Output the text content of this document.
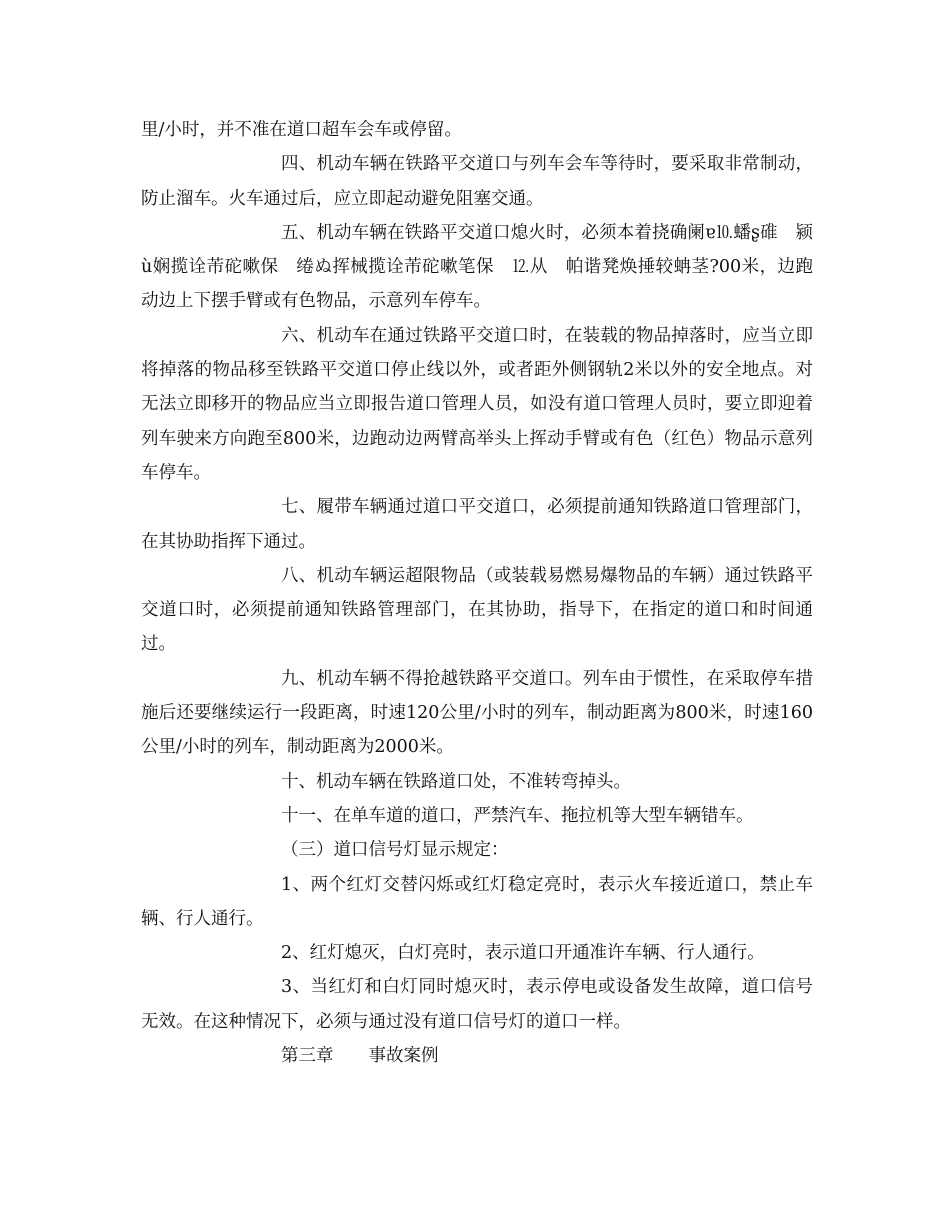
里/小时，并不准在道口超车会车或停留。

四、机动车辆在铁路平交道口与列车会车等待时，要采取非常制动，防止溜车。火车通过后，应立即起动避免阻塞交通。

五、机动车辆在铁路平交道口熄火时，必须本着挠确阑ɐ⒑蟠ʂ碓　颍　ù娴揽诠芾砣嗽保　绻ぬ挥械揽诠芾砣嗽笔保　⒓从　帕谐凳焕捶较蚺茎?00米，边跑动边上下摆手臂或有色物品，示意列车停车。

六、机动车在通过铁路平交道口时，在装载的物品掉落时，应当立即将掉落的物品移至铁路平交道口停止线以外，或者距外侧钢轨2米以外的安全地点。对无法立即移开的物品应当立即报告道口管理人员，如没有道口管理人员时，要立即迎着列车驶来方向跑至800米，边跑动边两臂高举头上挥动手臂或有色（红色）物品示意列车停车。

七、履带车辆通过道口平交道口，必须提前通知铁路道口管理部门，在其协助指挥下通过。

八、机动车辆运超限物品（或装载易燃易爆物品的车辆）通过铁路平交道口时，必须提前通知铁路管理部门，在其协助，指导下，在指定的道口和时间通过。

九、机动车辆不得抢越铁路平交道口。列车由于惯性，在采取停车措施后还要继续运行一段距离，时速120公里/小时的列车，制动距离为800米，时速160公里/小时的列车，制动距离为2000米。

十、机动车辆在铁路道口处，不准转弯掉头。

十一、在单车道的道口，严禁汽车、拖拉机等大型车辆错车。

（三）道口信号灯显示规定：

1、两个红灯交替闪烁或红灯稳定亮时，表示火车接近道口，禁止车辆、行人通行。

2、红灯熄灭，白灯亮时，表示道口开通准许车辆、行人通行。

3、当红灯和白灯同时熄灭时，表示停电或设备发生故障，道口信号无效。在这种情况下，必须与通过没有道口信号灯的道口一样。

第三章　　事故案例
